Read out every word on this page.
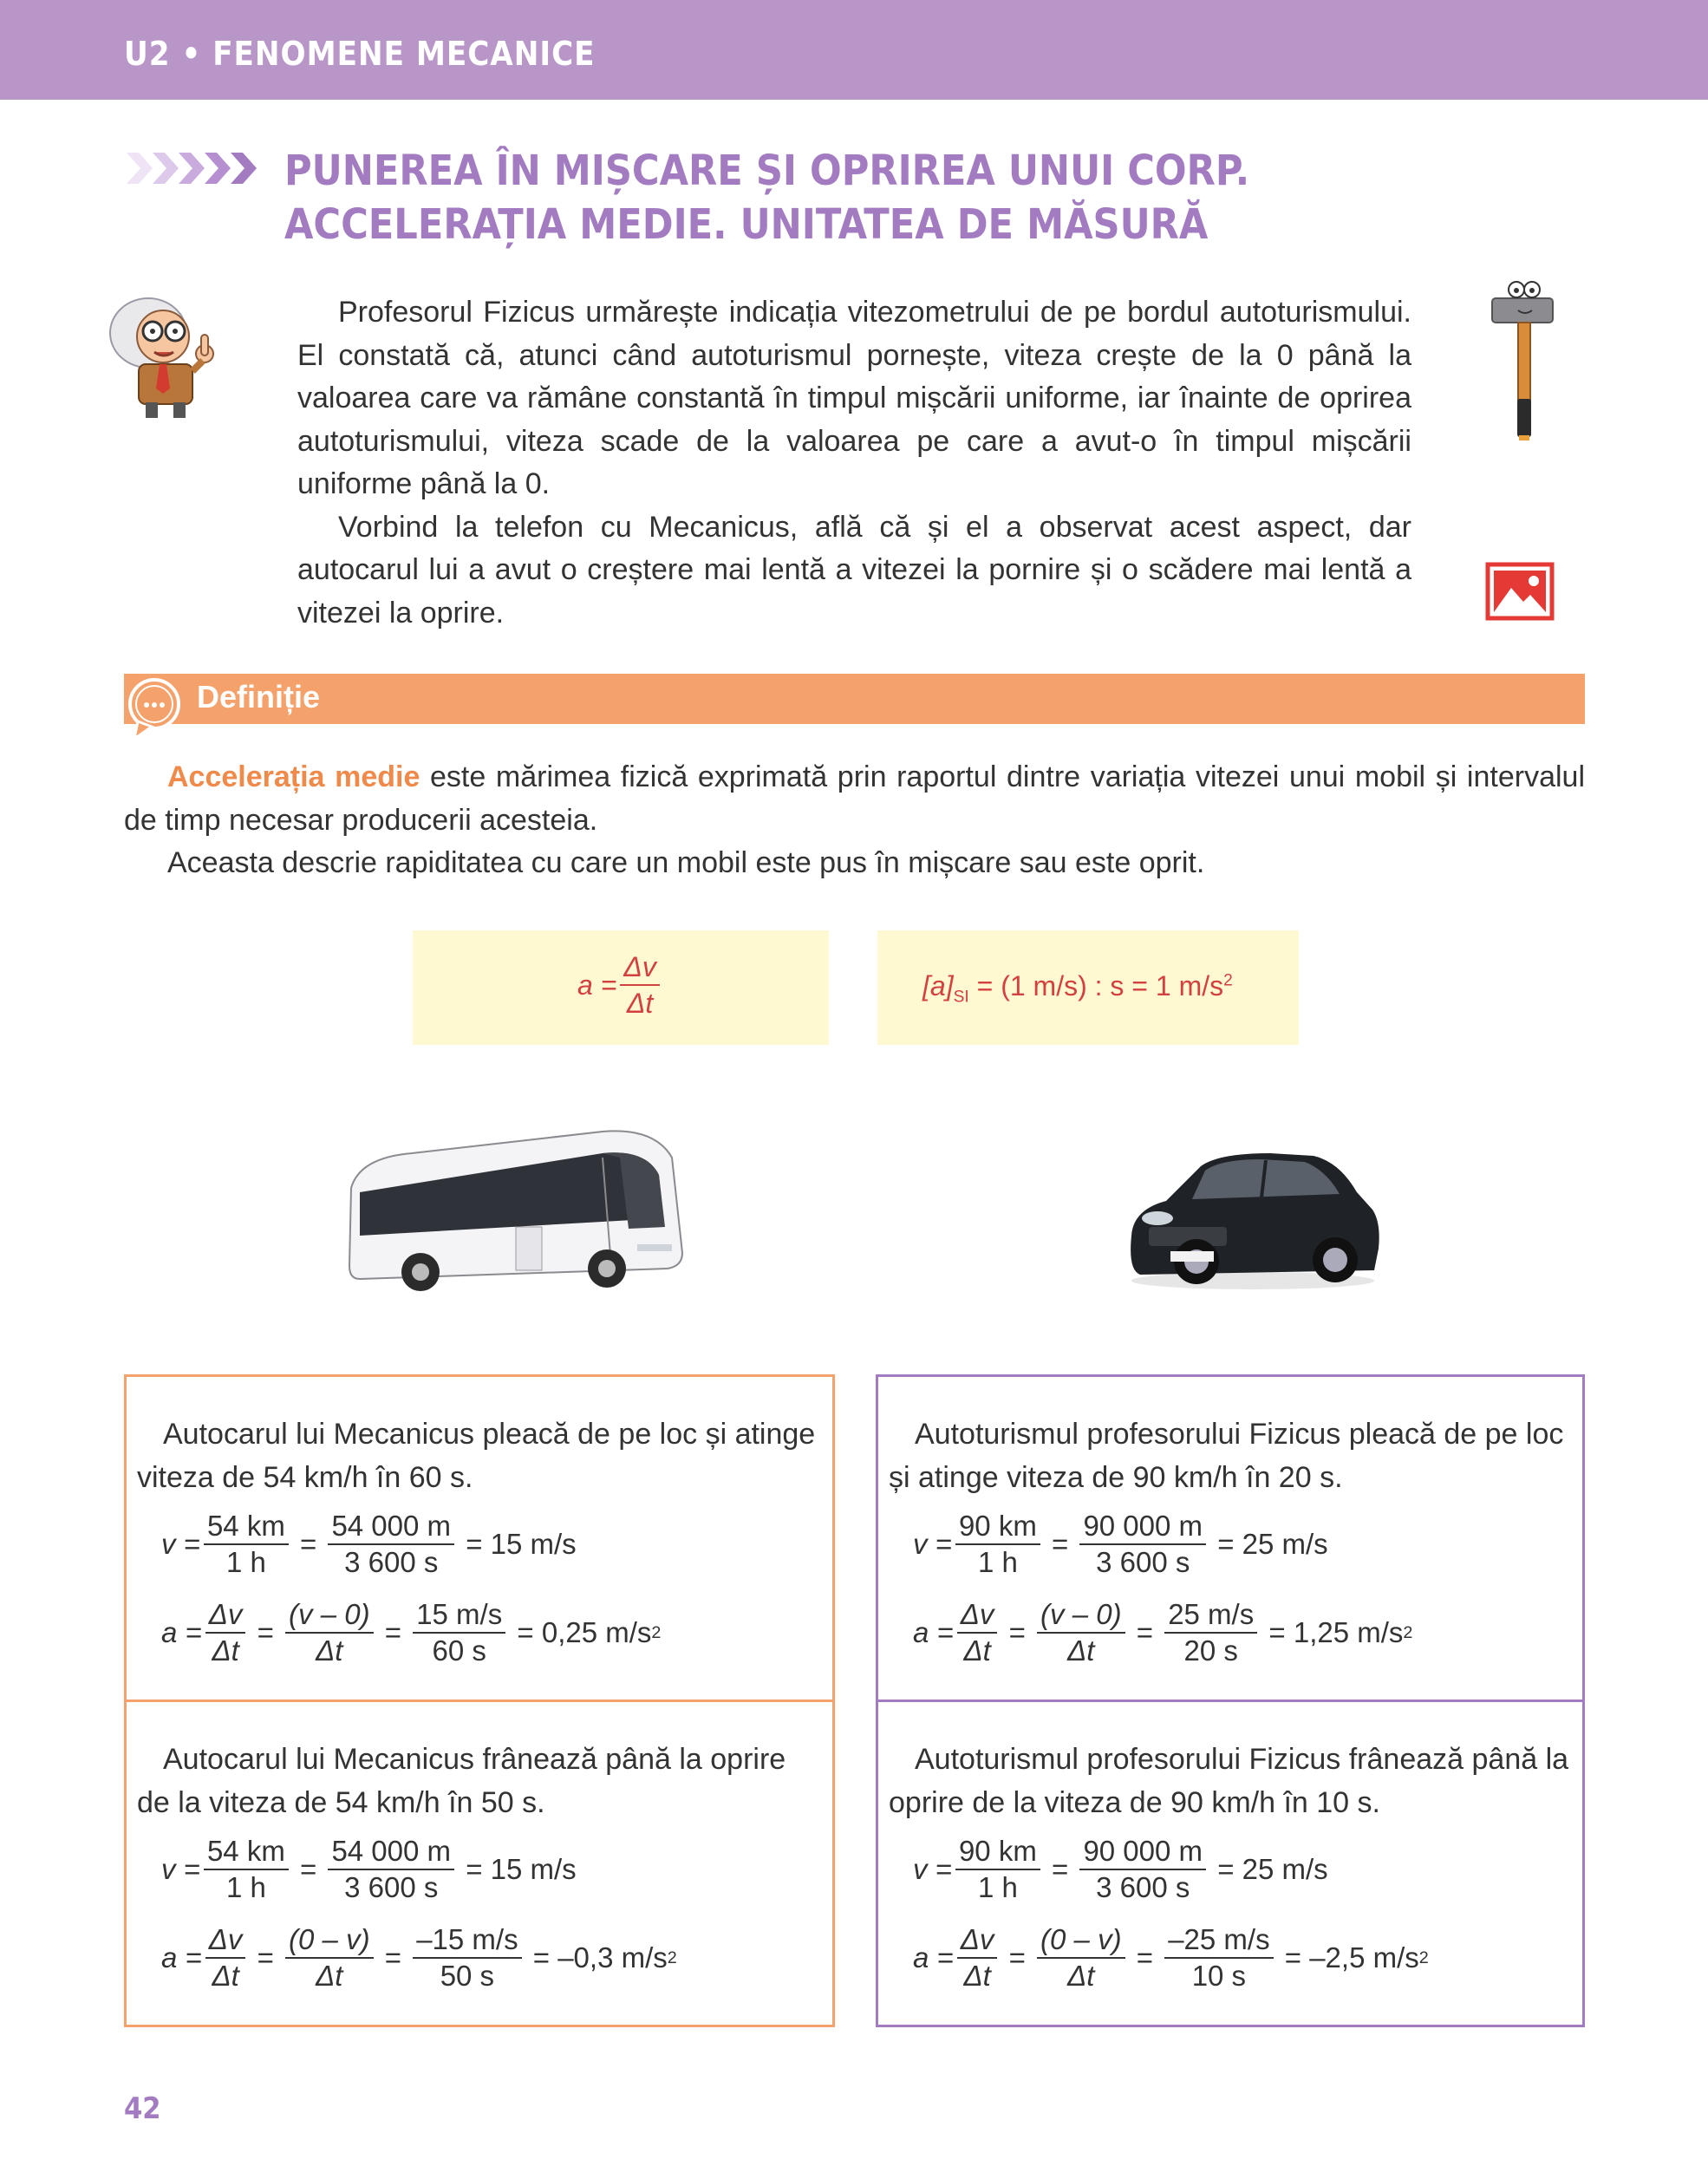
U2 • FENOMENE MECANICE
PUNEREA ÎN MIȘCARE ȘI OPRIREA UNUI CORP.
ACCELERAȚIA MEDIE. UNITATEA DE MĂSURĂ

Profesorul Fizicus urmărește indicația vitezometrului de pe bordul autoturismului. El constată că, atunci când autoturismul pornește, viteza crește de la 0 până la valoarea care va rămâne constantă în timpul mișcării uniforme, iar înainte de oprirea autoturismului, viteza scade de la valoarea pe care a avut-o în timpul mișcării uniforme până la 0.

Vorbind la telefon cu Mecanicus, află că și el a observat acest aspect, dar autocarul lui a avut o creștere mai lentă a vitezei la pornire și o scădere mai lentă a vitezei la oprire.

Definiție

Accelerația medie este mărimea fizică exprimată prin raportul dintre variația vitezei unui mobil și intervalul de timp necesar producerii acesteia.

Aceasta descrie rapiditatea cu care un mobil este pus în mișcare sau este oprit.

$a = \frac{\Delta v}{\Delta t}$	$[a]_{SI} = (1$ m/s) : s = 1 $m/s^2$

Autocarul lui Mecanicus pleacă de pe loc și atinge viteza de 54 km/h în 60 s.

$v = \frac{54 km}{1 h} = \frac{54 000 m}{3 600 s}$
= 15 m/s
$a = \frac{\Delta v}{\Delta t} = \frac{(v - 0)}{\Delta t} = \frac{15 m/s}{60 s}$
= 0,25 m/s 2

Autocarul lui Mecanicus frânează până la oprire de la viteza de 54 km/h în 50 s.

$v = \frac{54 km}{1 h} = \frac{54 000 m}{3 600 s}$
= 15 m/s
$a = \frac{\Delta v}{\Delta t} = \frac{(0 - v)}{\Delta t} = \frac{-15 m/s}{50 s}$
= –0,3 m/s 2

Autoturismul profesorului Fizicus pleacă de pe loc și atinge viteza de 90 km/h în 20 s.

$v = \frac{90 km}{1 h} = \frac{90 000 m}{3 600 s}$
= 25 m/s
$a = \frac{\Delta v}{\Delta t} = \frac{(v - 0)}{\Delta t} = \frac{25 m/s}{20 s}$
= 1,25 m/s 2

Autoturismul profesorului Fizicus frânează până la oprire de la viteza de 90 km/h în 10 s.

$v = \frac{90 km}{1 h} = \frac{90 000 m}{3 600 s}$
= 25 m/s
$a = \frac{\Delta v}{\Delta t} = \frac{(0 - v)}{\Delta t} = \frac{-25 m/s}{10 s}$
= –2,5 m/s 2
42
